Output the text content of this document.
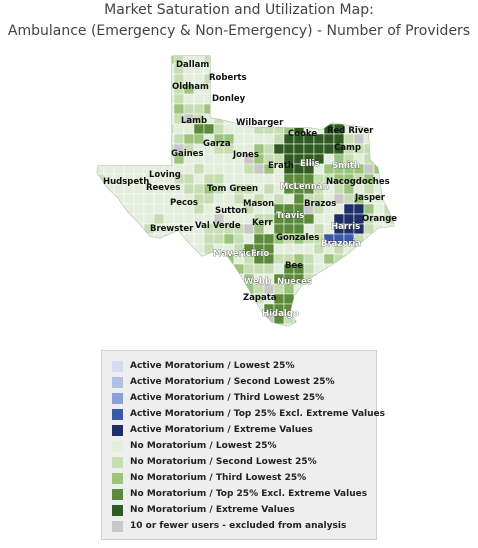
Market Saturation and Utilization Map:
Ambulance (Emergency & Non-Emergency) - Number of Providers
Dallam
Roberts
Oldham
Donley
Lamb	Wilbarger
Garza
Cooke Red River
Gaines	Jones
Camp
Erath Ellis Smith
Loving
Hudspeth
Reeves	Tom Green	McLennan
Nacogdoches
Jasper
Pecos	Brazos
Mason
Sutton	Travis	Orange
Kerr
Brewster Val Verde	Harris
Gonzales
Brazoria
Maverick
Frio
Bee
Webb Nueces
Zapata
Hidalgo
Active Moratorium / Lowest 25%
Active Moratorium / Second Lowest 25%
Active Moratorium / Third Lowest 25%
Active Moratorium / Top 25% Excl. Extreme Values
Active Moratorium / Extreme Values
No Moratorium / Lowest 25%
No Moratorium / Second Lowest 25%
No Moratorium / Third Lowest 25%
No Moratorium / Top 25% Excl. Extreme Values
No Moratorium / Extreme Values
10 or fewer users - excluded from analysis
